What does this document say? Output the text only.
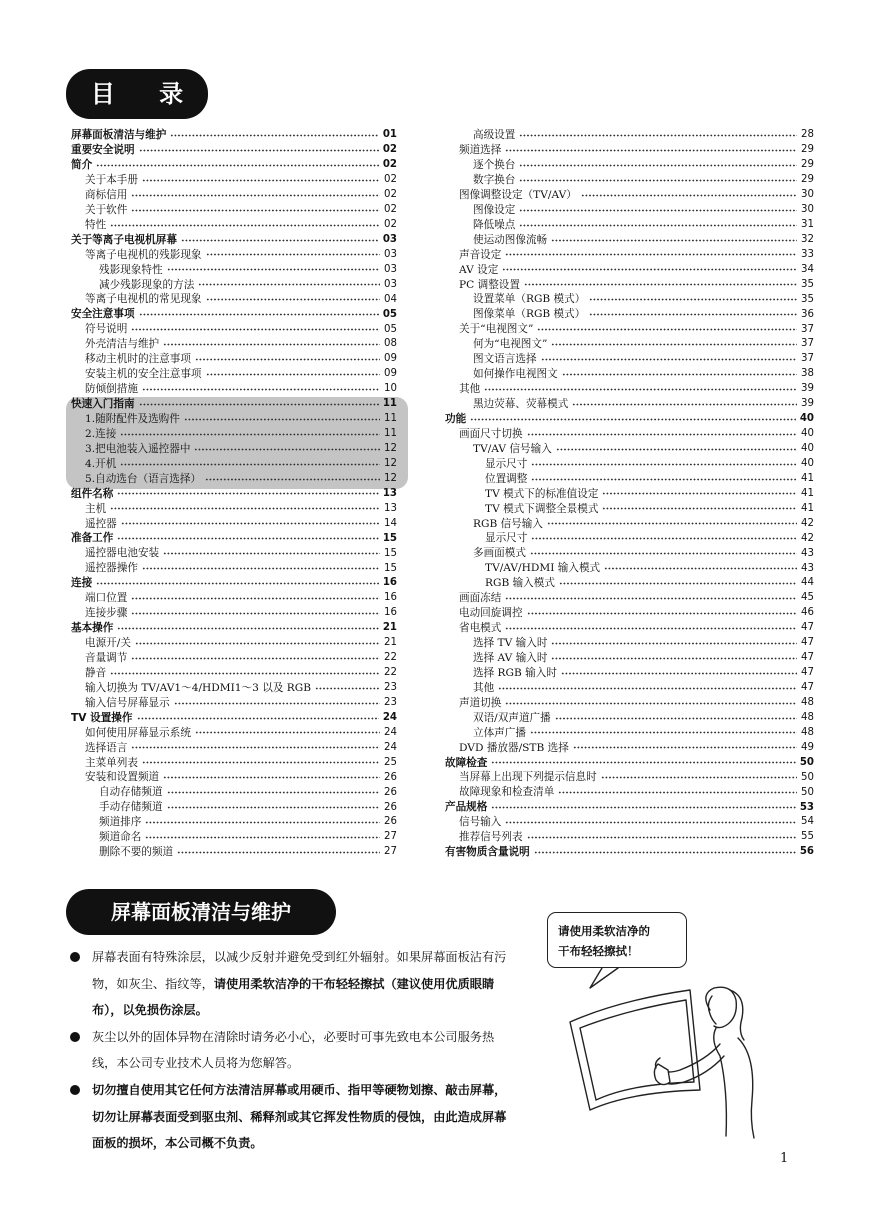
目 录
屏幕面板清洁与维护	01
重要安全说明	02
简介	02
关于本手册	02
商标信用	02
关于软件	02
特性	02
关于等离子电视机屏幕	03
等离子电视机的残影现象	03
残影现象特性	03
减少残影现象的方法	03
等离子电视机的常见现象	04
安全注意事项	05
符号说明	05
外壳清洁与维护	08
移动主机时的注意事项	09
安装主机的安全注意事项	09
防倾倒措施	10
快速入门指南	11
1.随附配件及选购件	11
2.连接	11
3.把电池装入遥控器中	12
4.开机	12
5.自动选台（语言选择）	12
组件名称	13
主机	13
遥控器	14
准备工作	15
遥控器电池安装	15
遥控器操作	15
连接	16
端口位置	16
连接步骤	16
基本操作	21
电源开/关	21
音量调节	22
静音	22
输入切换为 TV/AV1～4/HDMI1～3 以及 RGB	23
输入信号屏幕显示	23
TV 设置操作	24
如何使用屏幕显示系统	24
选择语言	24
主菜单列表	25
安装和设置频道	26
自动存储频道	26
手动存储频道	26
频道排序	26
频道命名	27
删除不要的频道	27
高级设置	28
频道选择	29
逐个换台	29
数字换台	29
图像调整设定（TV/AV）	30
图像设定	30
降低噪点	31
使运动图像流畅	32
声音设定	33
AV 设定	34
PC 调整设置	35
设置菜单（RGB 模式）	35
图像菜单（RGB 模式）	36
关于“电视图文”	37
何为“电视图文”	37
图文语言选择	37
如何操作电视图文	38
其他	39
黑边荧幕、荧幕模式	39
功能	40
画面尺寸切换	40
TV/AV 信号输入	40
显示尺寸	40
位置调整	41
TV 模式下的标准值设定	41
TV 模式下调整全景模式	41
RGB 信号输入	42
显示尺寸	42
多画面模式	43
TV/AV/HDMI 输入模式	43
RGB 输入模式	44
画面冻结	45
电动回旋调控	46
省电模式	47
选择 TV 输入时	47
选择 AV 输入时	47
选择 RGB 输入时	47
其他	47
声道切换	48
双语/双声道广播	48
立体声广播	48
DVD 播放器/STB 选择	49
故障检查	50
当屏幕上出现下列提示信息时	50
故障现象和检查清单	50
产品规格	53
信号输入	54
推荐信号列表	55
有害物质含量说明	56
屏幕面板清洁与维护
屏幕表面有特殊涂层，以减少反射并避免受到红外辐射。如果屏幕面板沾有污物，如灰尘、指纹等，请使用柔软洁净的干布轻轻擦拭（建议使用优质眼睛布），以免损伤涂层。
灰尘以外的固体异物在清除时请务必小心，必要时可事先致电本公司服务热线，本公司专业技术人员将为您解答。
切勿擅自使用其它任何方法清洁屏幕或用硬币、指甲等硬物划擦、敲击屏幕，切勿让屏幕表面受到驱虫剂、稀释剂或其它挥发性物质的侵蚀，由此造成屏幕面板的损坏，本公司概不负责。
请使用柔软洁净的
干布轻轻擦拭！
1
